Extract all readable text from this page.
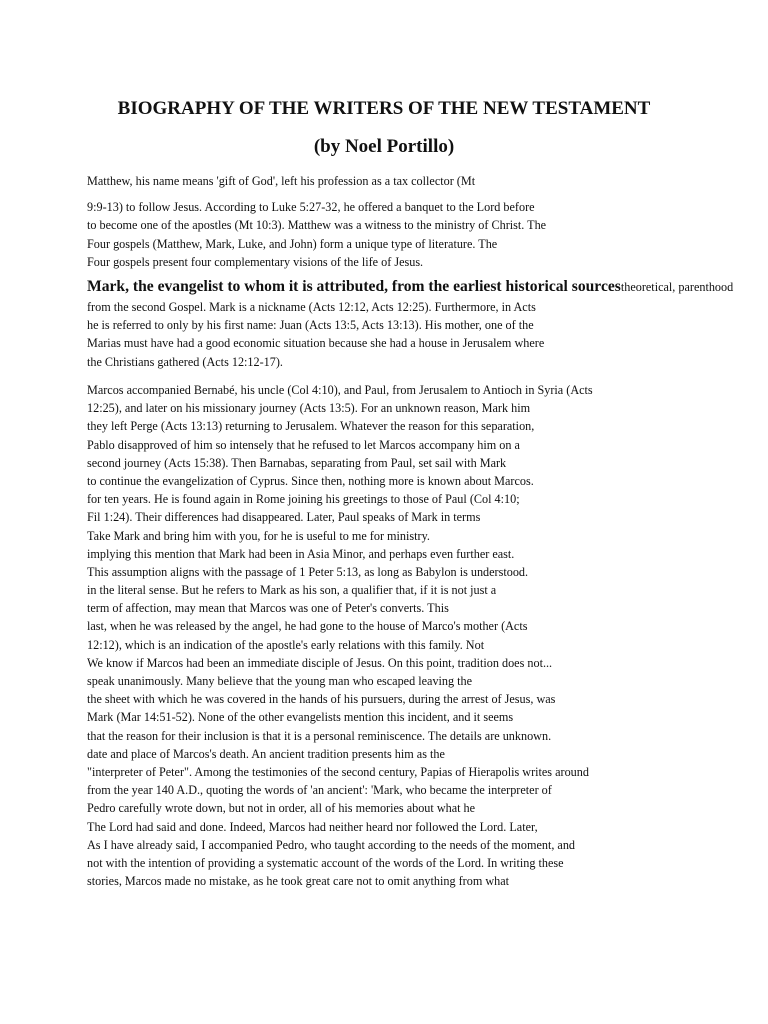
BIOGRAPHY OF THE WRITERS OF THE NEW TESTAMENT
(by Noel Portillo)
Matthew, his name means 'gift of God', left his profession as a tax collector (Mt
9:9-13) to follow Jesus. According to Luke 5:27-32, he offered a banquet to the Lord before
to become one of the apostles (Mt 10:3). Matthew was a witness to the ministry of Christ. The
Four gospels (Matthew, Mark, Luke, and John) form a unique type of literature. The
Four gospels present four complementary visions of the life of Jesus.
Mark, the evangelist to whom it is attributed, from the earliest historical sourcestheoretical, parenthood
from the second Gospel. Mark is a nickname (Acts 12:12, Acts 12:25). Furthermore, in Acts
he is referred to only by his first name: Juan (Acts 13:5, Acts 13:13). His mother, one of the
Marias must have had a good economic situation because she had a house in Jerusalem where
the Christians gathered (Acts 12:12-17).
Marcos accompanied Bernabé, his uncle (Col 4:10), and Paul, from Jerusalem to Antioch in Syria (Acts
12:25), and later on his missionary journey (Acts 13:5). For an unknown reason, Mark him
they left Perge (Acts 13:13) returning to Jerusalem. Whatever the reason for this separation,
Pablo disapproved of him so intensely that he refused to let Marcos accompany him on a
second journey (Acts 15:38). Then Barnabas, separating from Paul, set sail with Mark
to continue the evangelization of Cyprus. Since then, nothing more is known about Marcos.
for ten years. He is found again in Rome joining his greetings to those of Paul (Col 4:10;
Fil 1:24). Their differences had disappeared. Later, Paul speaks of Mark in terms
Take Mark and bring him with you, for he is useful to me for ministry.
implying this mention that Mark had been in Asia Minor, and perhaps even further east.
This assumption aligns with the passage of 1 Peter 5:13, as long as Babylon is understood.
in the literal sense. But he refers to Mark as his son, a qualifier that, if it is not just a
term of affection, may mean that Marcos was one of Peter's converts. This
last, when he was released by the angel, he had gone to the house of Marco's mother (Acts
12:12), which is an indication of the apostle's early relations with this family. Not
We know if Marcos had been an immediate disciple of Jesus. On this point, tradition does not...
speak unanimously. Many believe that the young man who escaped leaving the
the sheet with which he was covered in the hands of his pursuers, during the arrest of Jesus, was
Mark (Mar 14:51-52). None of the other evangelists mention this incident, and it seems
that the reason for their inclusion is that it is a personal reminiscence. The details are unknown.
date and place of Marcos's death. An ancient tradition presents him as the
"interpreter of Peter". Among the testimonies of the second century, Papias of Hierapolis writes around
from the year 140 A.D., quoting the words of 'an ancient': 'Mark, who became the interpreter of
Pedro carefully wrote down, but not in order, all of his memories about what he
The Lord had said and done. Indeed, Marcos had neither heard nor followed the Lord. Later,
As I have already said, I accompanied Pedro, who taught according to the needs of the moment, and
not with the intention of providing a systematic account of the words of the Lord. In writing these
stories, Marcos made no mistake, as he took great care not to omit anything from what
